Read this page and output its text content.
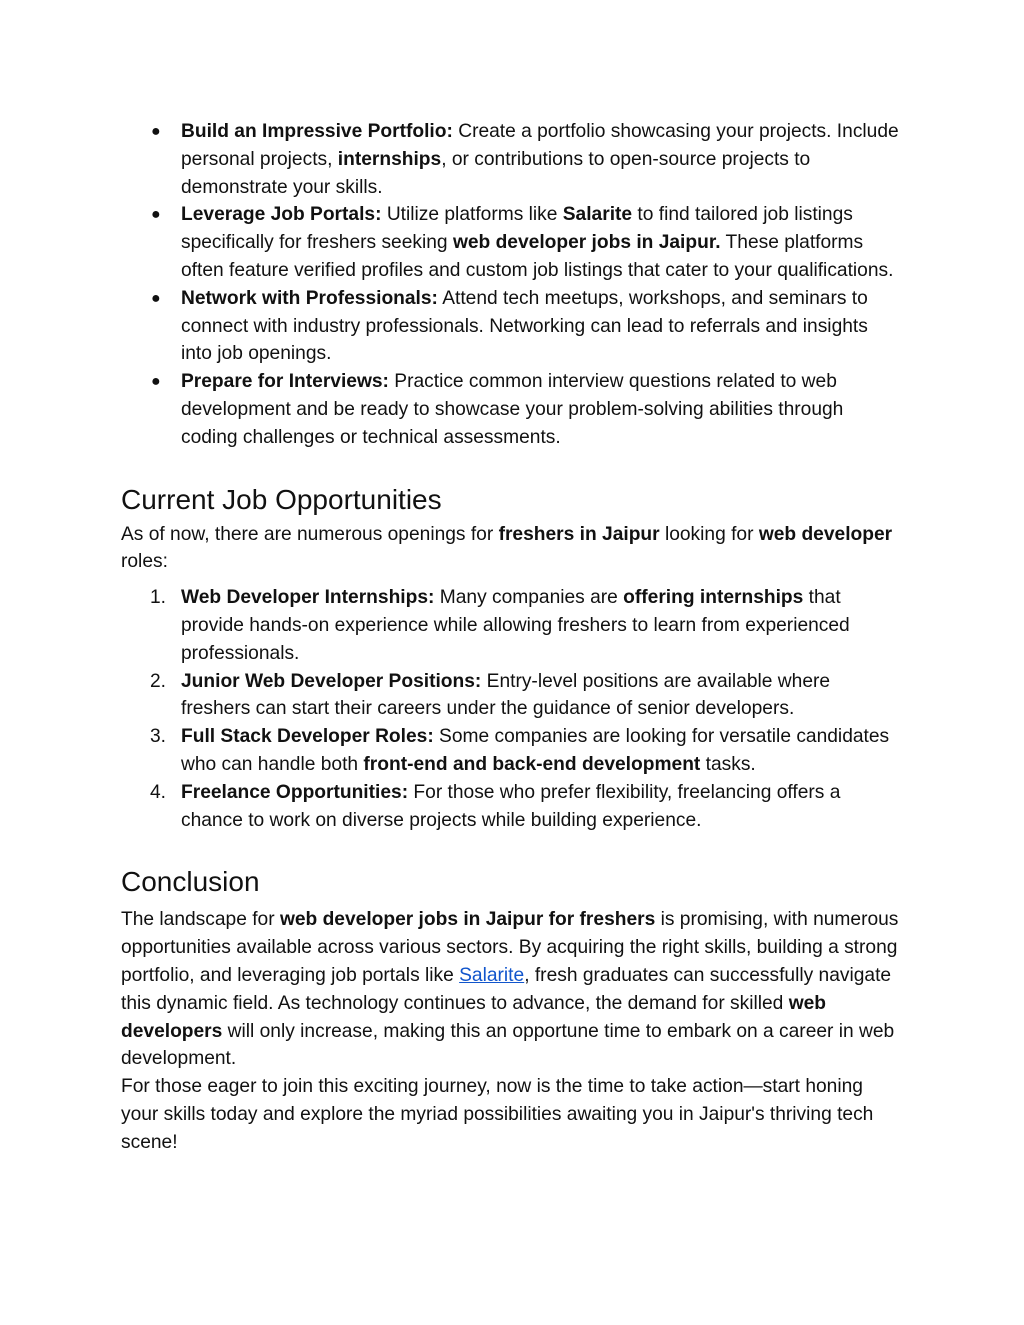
● Build an Impressive Portfolio: Create a portfolio showcasing your projects. Include personal projects, internships, or contributions to open-source projects to demonstrate your skills.
● Leverage Job Portals: Utilize platforms like Salarite to find tailored job listings specifically for freshers seeking web developer jobs in Jaipur. These platforms often feature verified profiles and custom job listings that cater to your qualifications.
● Network with Professionals: Attend tech meetups, workshops, and seminars to connect with industry professionals. Networking can lead to referrals and insights into job openings.
● Prepare for Interviews: Practice common interview questions related to web development and be ready to showcase your problem-solving abilities through coding challenges or technical assessments.
Current Job Opportunities

As of now, there are numerous openings for freshers in Jaipur looking for web developer roles:

1. Web Developer Internships: Many companies are offering internships that provide hands-on experience while allowing freshers to learn from experienced professionals.
2. Junior Web Developer Positions: Entry-level positions are available where freshers can start their careers under the guidance of senior developers.
3. Full Stack Developer Roles: Some companies are looking for versatile candidates who can handle both front-end and back-end development tasks.
4. Freelance Opportunities: For those who prefer flexibility, freelancing offers a chance to work on diverse projects while building experience.
Conclusion

The landscape for web developer jobs in Jaipur for freshers is promising, with numerous opportunities available across various sectors. By acquiring the right skills, building a strong portfolio, and leveraging job portals like Salarite, fresh graduates can successfully navigate this dynamic field. As technology continues to advance, the demand for skilled web developers will only increase, making this an opportune time to embark on a career in web development.

For those eager to join this exciting journey, now is the time to take action—start honing your skills today and explore the myriad possibilities awaiting you in Jaipur's thriving tech scene!
